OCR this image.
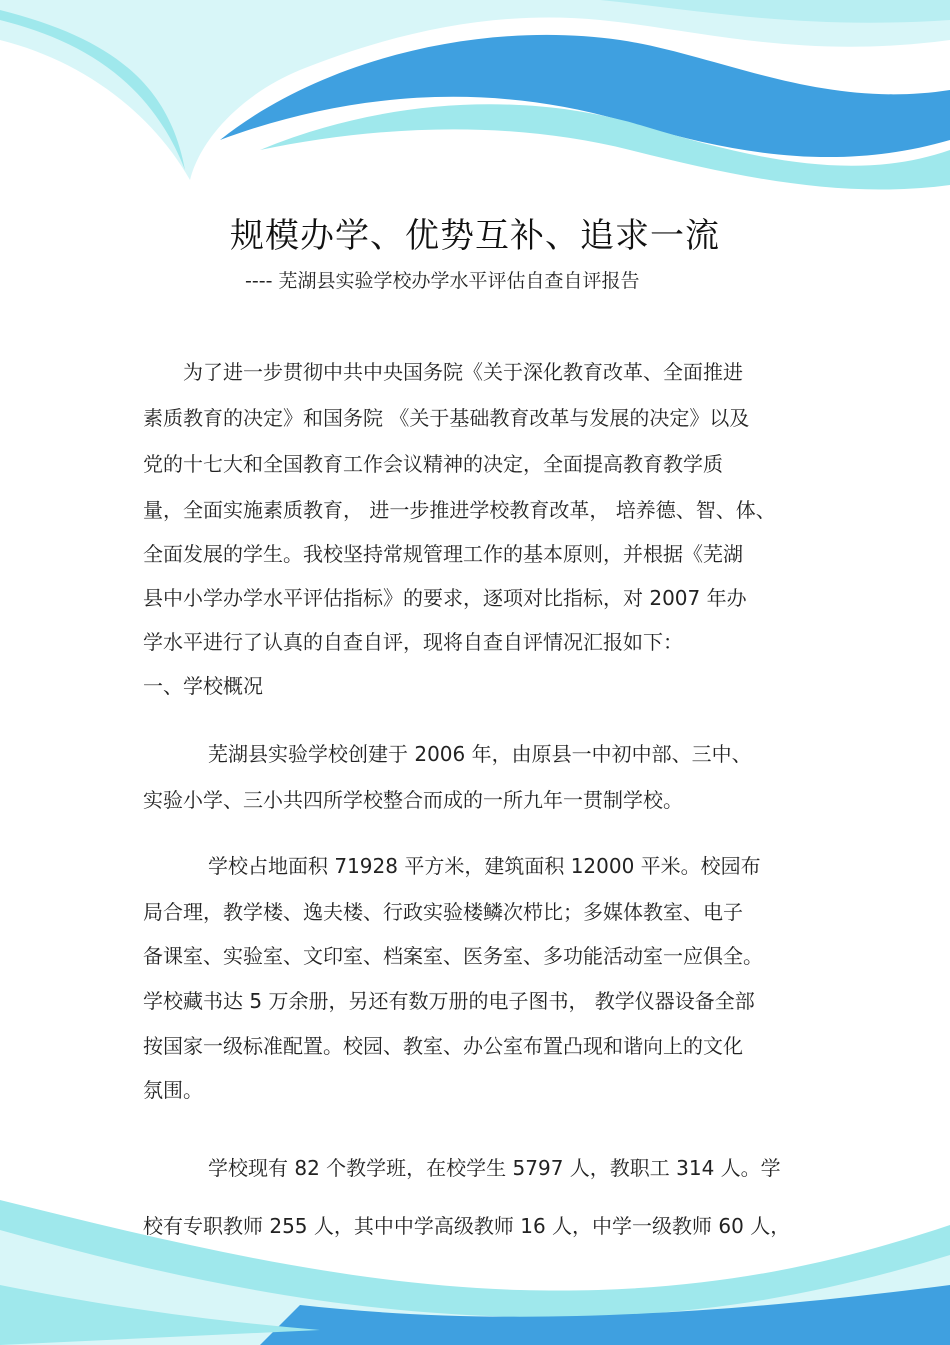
规模办学、优势互补、追求一流
---- 芜湖县实验学校办学水平评估自查自评报告
为了进一步贯彻中共中央国务院《关于深化教育改革、全面推进
素质教育的决定》和国务院 《关于基础教育改革与发展的决定》以及
党的十七大和全国教育工作会议精神的决定，全面提高教育教学质
量，全面实施素质教育， 进一步推进学校教育改革， 培养德、智、体、
全面发展的学生。我校坚持常规管理工作的基本原则，并根据《芜湖
县中小学办学水平评估指标》的要求，逐项对比指标，对 2007 年办
学水平进行了认真的自查自评，现将自查自评情况汇报如下：
一、学校概况
芜湖县实验学校创建于 2006 年，由原县一中初中部、三中、
实验小学、三小共四所学校整合而成的一所九年一贯制学校。
学校占地面积 71928 平方米，建筑面积 12000 平米。校园布
局合理，教学楼、逸夫楼、行政实验楼鳞次栉比；多媒体教室、电子
备课室、实验室、文印室、档案室、医务室、多功能活动室一应俱全。
学校藏书达 5 万余册，另还有数万册的电子图书， 教学仪器设备全部
按国家一级标准配置。校园、教室、办公室布置凸现和谐向上的文化
氛围。
学校现有 82 个教学班，在校学生 5797 人，教职工 314 人。学
校有专职教师 255 人，其中中学高级教师 16 人，中学一级教师 60 人，
